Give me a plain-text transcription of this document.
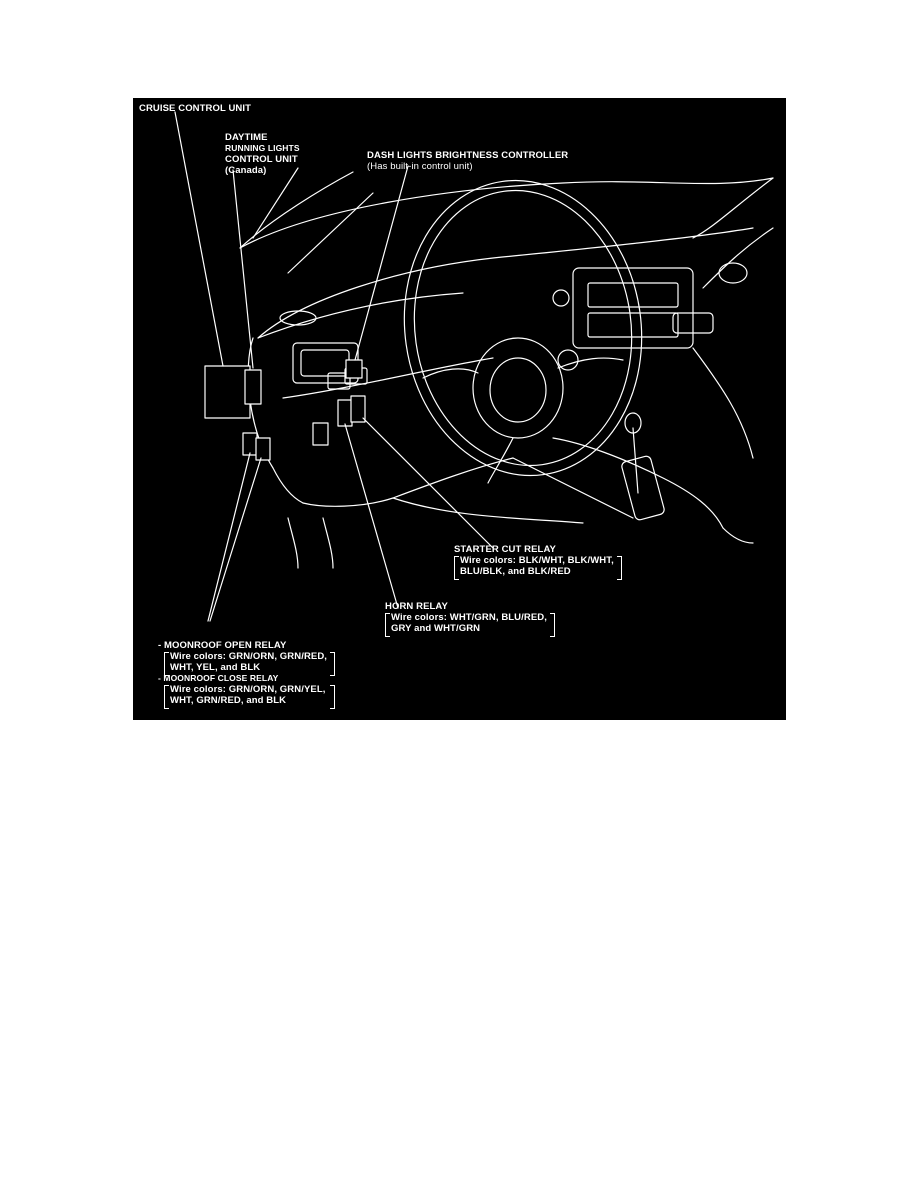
CRUISE CONTROL UNIT
DAYTIME
RUNNING LIGHTS
CONTROL UNIT
(Canada)
DASH LIGHTS BRIGHTNESS CONTROLLER
(Has built-in control unit)
STARTER CUT RELAY
Wire colors: BLK/WHT, BLK/WHT,
BLU/BLK, and BLK/RED
HORN RELAY
Wire colors: WHT/GRN, BLU/RED,
GRY and WHT/GRN
- MOONROOF OPEN RELAY
Wire colors: GRN/ORN, GRN/RED,
WHT, YEL, and BLK
- MOONROOF CLOSE RELAY
Wire colors: GRN/ORN, GRN/YEL,
WHT, GRN/RED, and BLK
